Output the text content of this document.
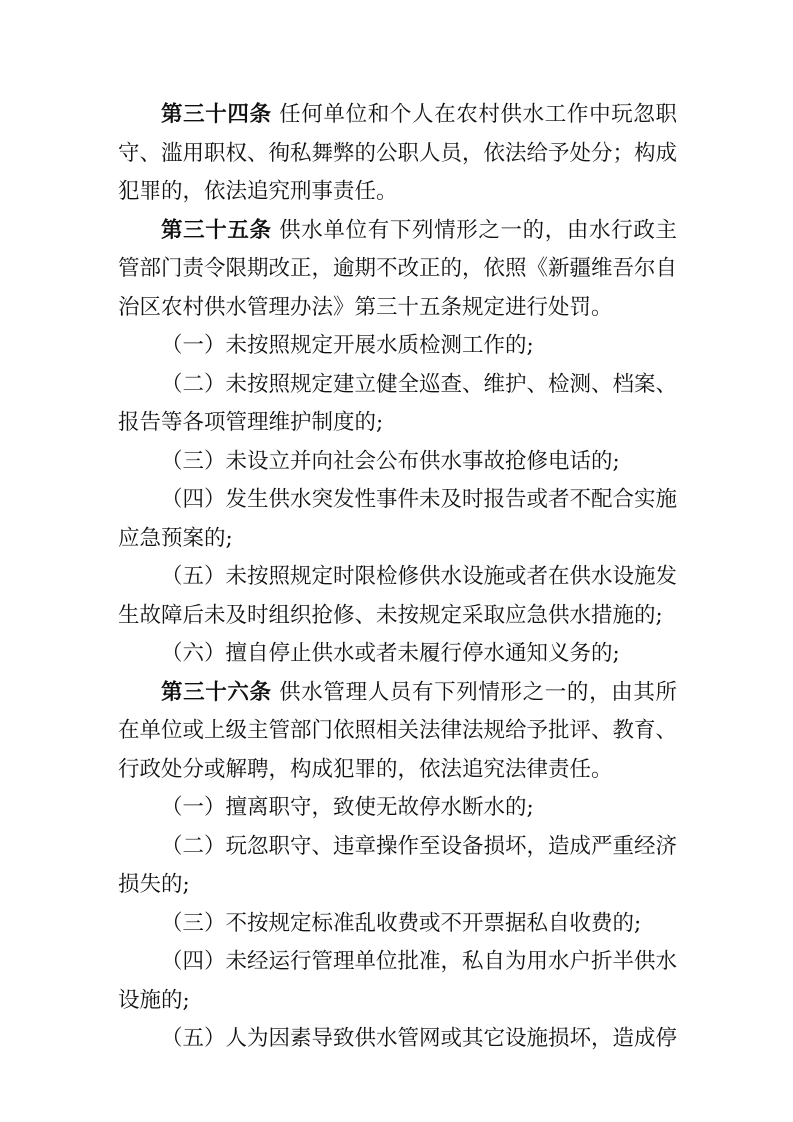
第三十四条 任何单位和个人在农村供水工作中玩忽职守、滥用职权、徇私舞弊的公职人员，依法给予处分；构成犯罪的，依法追究刑事责任。

第三十五条 供水单位有下列情形之一的，由水行政主管部门责令限期改正，逾期不改正的，依照《新疆维吾尔自治区农村供水管理办法》第三十五条规定进行处罚。

（一）未按照规定开展水质检测工作的;

（二）未按照规定建立健全巡查、维护、检测、档案、报告等各项管理维护制度的;

（三）未设立并向社会公布供水事故抢修电话的;

（四）发生供水突发性事件未及时报告或者不配合实施应急预案的;

（五）未按照规定时限检修供水设施或者在供水设施发生故障后未及时组织抢修、未按规定采取应急供水措施的;

（六）擅自停止供水或者未履行停水通知义务的;

第三十六条 供水管理人员有下列情形之一的，由其所在单位或上级主管部门依照相关法律法规给予批评、教育、行政处分或解聘，构成犯罪的，依法追究法律责任。

（一）擅离职守，致使无故停水断水的;

（二）玩忽职守、违章操作至设备损坏，造成严重经济损失的;

（三）不按规定标准乱收费或不开票据私自收费的;

（四）未经运行管理单位批准，私自为用水户折半供水设施的;

（五）人为因素导致供水管网或其它设施损坏，造成停
